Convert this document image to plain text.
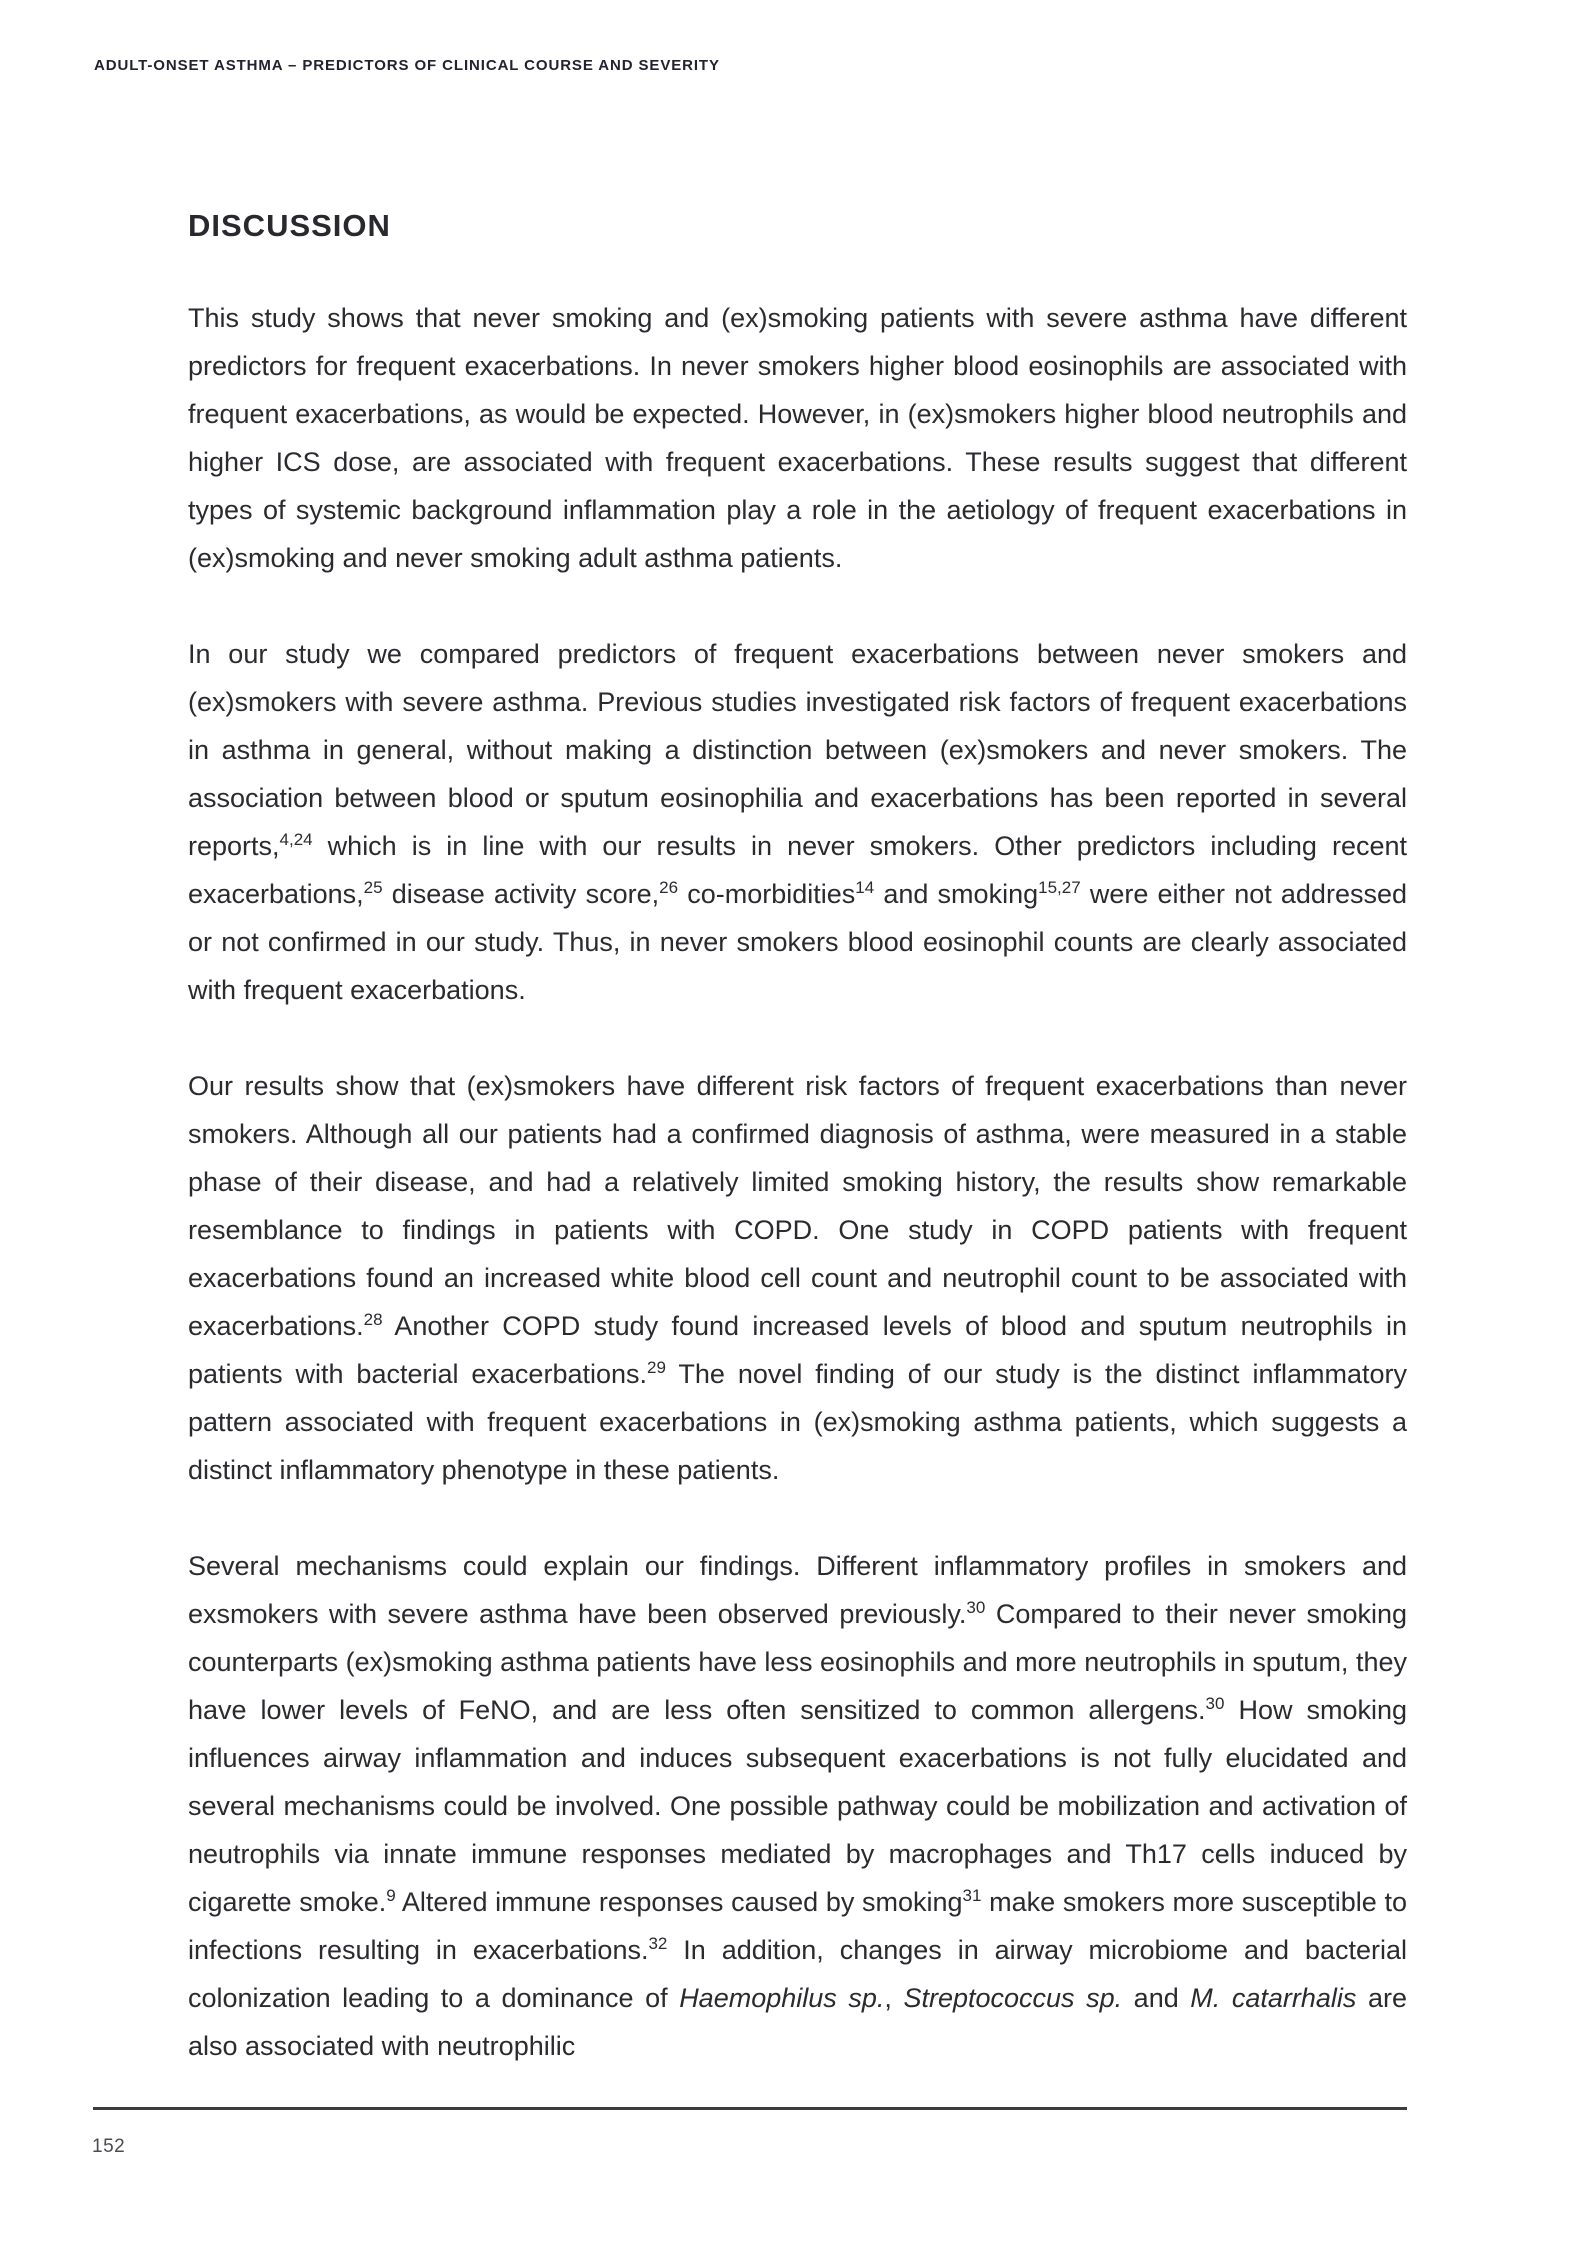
ADULT-ONSET ASTHMA – PREDICTORS OF CLINICAL COURSE AND SEVERITY
DISCUSSION

This study shows that never smoking and (ex)smoking patients with severe asthma have different predictors for frequent exacerbations. In never smokers higher blood eosinophils are associated with frequent exacerbations, as would be expected. However, in (ex)smokers higher blood neutrophils and higher ICS dose, are associated with frequent exacerbations. These results suggest that different types of systemic background inflammation play a role in the aetiology of frequent exacerbations in (ex)smoking and never smoking adult asthma patients.

In our study we compared predictors of frequent exacerbations between never smokers and (ex)smokers with severe asthma. Previous studies investigated risk factors of frequent exacerbations in asthma in general, without making a distinction between (ex)smokers and never smokers. The association between blood or sputum eosinophilia and exacerbations has been reported in several reports,$^{4,24}$ which is in line with our results in never smokers. Other predictors including recent exacerbations,$^{25}$ disease activity score,$^{26}$ co-morbidities$^{14}$ and smoking$^{15,27}$ were either not addressed or not confirmed in our study. Thus, in never smokers blood eosinophil counts are clearly associated with frequent exacerbations.

Our results show that (ex)smokers have different risk factors of frequent exacerbations than never smokers. Although all our patients had a confirmed diagnosis of asthma, were measured in a stable phase of their disease, and had a relatively limited smoking history, the results show remarkable resemblance to findings in patients with COPD. One study in COPD patients with frequent exacerbations found an increased white blood cell count and neutrophil count to be associated with exacerbations.$^{28}$ Another COPD study found increased levels of blood and sputum neutrophils in patients with bacterial exacerbations.$^{29}$ The novel finding of our study is the distinct inflammatory pattern associated with frequent exacerbations in (ex)smoking asthma patients, which suggests a distinct inflammatory phenotype in these patients.

Several mechanisms could explain our findings. Different inflammatory profiles in smokers and exsmokers with severe asthma have been observed previously.$^{30}$ Compared to their never smoking counterparts (ex)smoking asthma patients have less eosinophils and more neutrophils in sputum, they have lower levels of FeNO, and are less often sensitized to common allergens.$^{30}$ How smoking influences airway inflammation and induces subsequent exacerbations is not fully elucidated and several mechanisms could be involved. One possible pathway could be mobilization and activation of neutrophils via innate immune responses mediated by macrophages and Th17 cells induced by cigarette smoke.$^9$ Altered immune responses caused by smoking$^{31}$ make smokers more susceptible to infections resulting in exacerbations.$^{32}$ In addition, changes in airway microbiome and bacterial colonization leading to a dominance of Haemophilus sp., Streptococcus sp. and M. catarrhalis are also associated with neutrophilic

152
